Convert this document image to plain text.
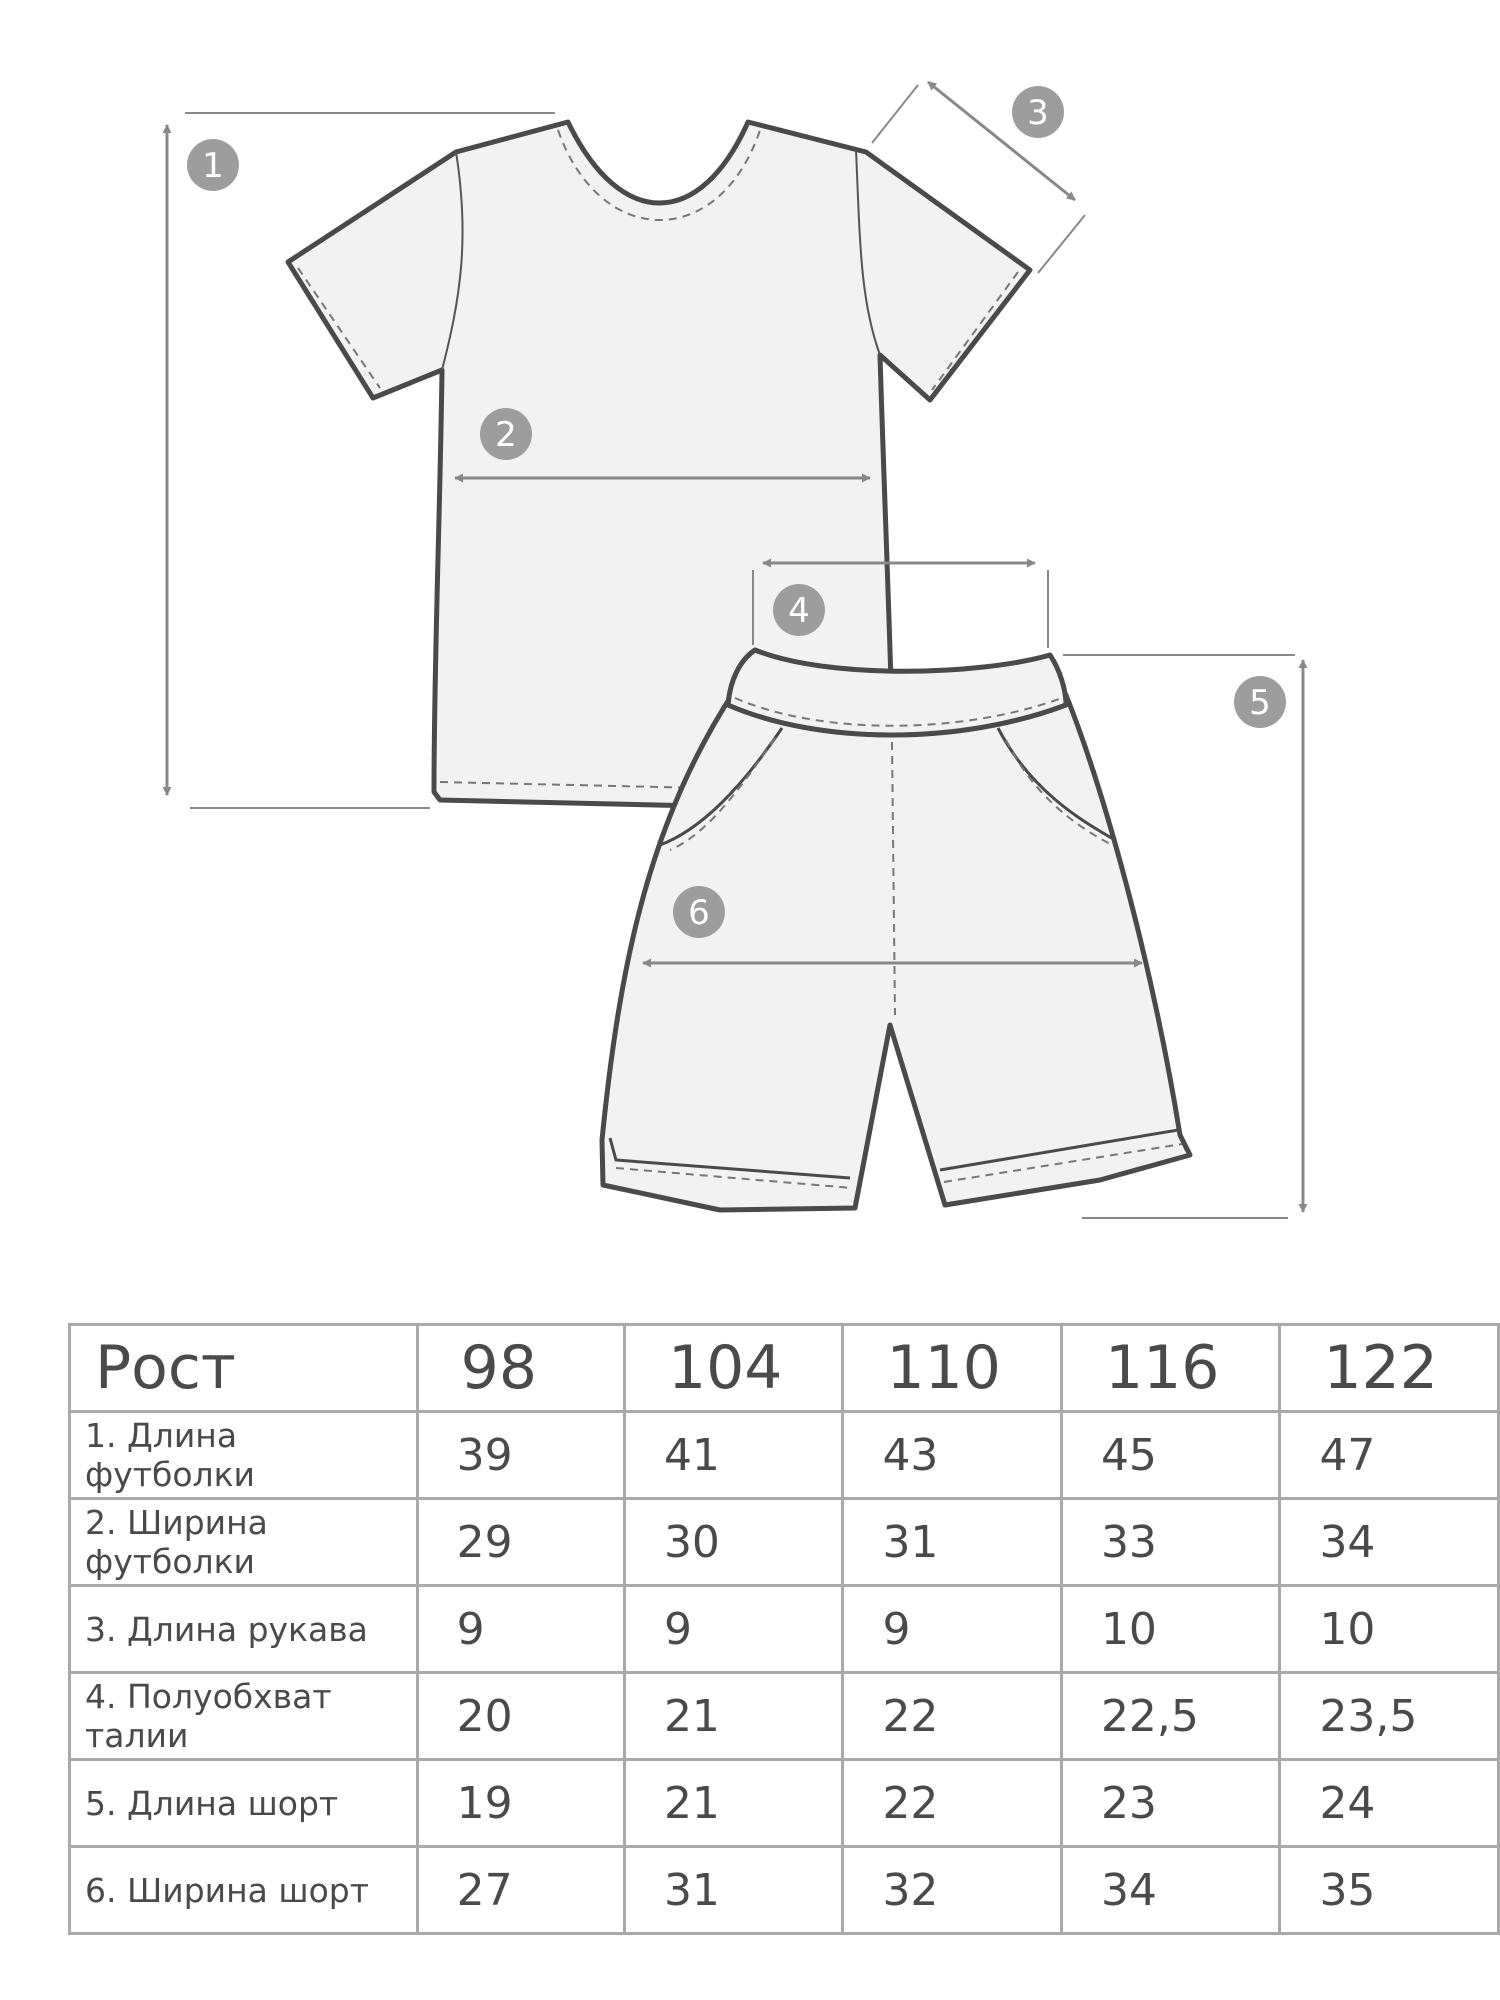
1
2
3
4
5
6
Рост	98	104	110	116	122
1. Длина футболки	39	41	43	45	47
2. Ширина футболки	29	30	31	33	34
3. Длина рукава	9	9	9	10	10
4. Полуобхват талии	20	21	22	22,5	23,5
5. Длина шорт	19	21	22	23	24
6. Ширина шорт	27	31	32	34	35
